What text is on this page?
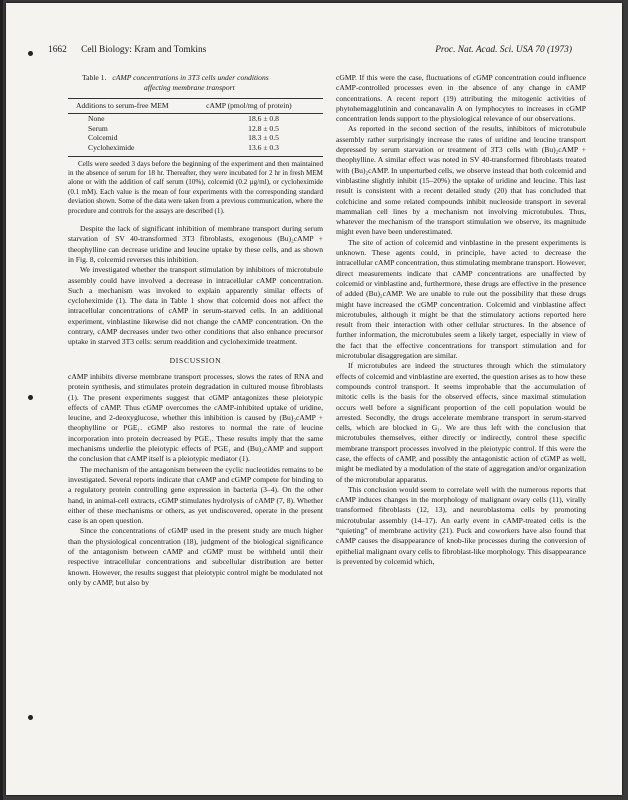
1662 Cell Biology: Kram and Tomkins	Proc. Nat. Acad. Sci. USA 70 (1973)
Table 1. cAMP concentrations in 3T3 cells under conditions
affecting membrane transport
Additions to serum-free MEM	cAMP (pmol/mg of protein)
None	18.6 ± 0.8
Serum	12.8 ± 0.5
Colcemid	18.3 ± 0.5
Cycloheximide	13.6 ± 0.3

Cells were seeded 3 days before the beginning of the experiment and then maintained in the absence of serum for 18 hr. Thereafter, they were incubated for 2 hr in fresh MEM alone or with the addition of calf serum (10%), colcemid (0.2 µg/ml), or cycloheximide (0.1 mM). Each value is the mean of four experiments with the corresponding standard deviation shown. Some of the data were taken from a previous communication, where the procedure and controls for the assays are described (1).

Despite the lack of significant inhibition of membrane transport during serum starvation of SV 40-transformed 3T3 fibroblasts, exogenous (Bu)₂cAMP + theophylline can decrease uridine and leucine uptake by these cells, and as shown in Fig. 8, colcemid reverses this inhibition.

We investigated whether the transport stimulation by inhibitors of microtubule assembly could have involved a decrease in intracellular cAMP concentration. Such a mechanism was invoked to explain apparently similar effects of cycloheximide (1). The data in Table 1 show that colcemid does not affect the intracellular concentrations of cAMP in serum-starved cells. In an additional experiment, vinblastine likewise did not change the cAMP concentration. On the contrary, cAMP decreases under two other conditions that also enhance precursor uptake in starved 3T3 cells: serum readdition and cycloheximide treatment.

DISCUSSION

cAMP inhibits diverse membrane transport processes, slows the rates of RNA and protein synthesis, and stimulates protein degradation in cultured mouse fibroblasts (1). The present experiments suggest that cGMP antagonizes these pleiotypic effects of cAMP. Thus cGMP overcomes the cAMP-inhibited uptake of uridine, leucine, and 2-deoxyglucose, whether this inhibition is caused by (Bu)₂cAMP + theophylline or PGE₁. cGMP also restores to normal the rate of leucine incorporation into protein decreased by PGE₁. These results imply that the same mechanisms underlie the pleiotypic effects of PGE₁ and (Bu)₂cAMP and support the conclusion that cAMP itself is a pleiotypic mediator (1).

The mechanism of the antagonism between the cyclic nucleotides remains to be investigated. Several reports indicate that cAMP and cGMP compete for binding to a regulatory protein controlling gene expression in bacteria (3–4). On the other hand, in animal-cell extracts, cGMP stimulates hydrolysis of cAMP (7, 8). Whether either of these mechanisms or others, as yet undiscovered, operate in the present case is an open question.

Since the concentrations of cGMP used in the present study are much higher than the physiological concentration (18), judgment of the biological significance of the antagonism between cAMP and cGMP must be withheld until their respective intracellular concentrations and subcellular distribution are better known. However, the results suggest that pleiotypic control might be modulated not only by cAMP, but also by

cGMP. If this were the case, fluctuations of cGMP concentration could influence cAMP-controlled processes even in the absence of any change in cAMP concentrations. A recent report (19) attributing the mitogenic activities of phytohemagglutinin and concanavalin A on lymphocytes to increases in cGMP concentration lends support to the physiological relevance of our observations.

As reported in the second section of the results, inhibitors of microtubule assembly rather surprisingly increase the rates of uridine and leucine transport depressed by serum starvation or treatment of 3T3 cells with (Bu)₂cAMP + theophylline. A similar effect was noted in SV 40-transformed fibroblasts treated with (Bu)₂cAMP. In unperturbed cells, we observe instead that both colcemid and vinblastine slightly inhibit (15–20%) the uptake of uridine and leucine. This last result is consistent with a recent detailed study (20) that has concluded that colchicine and some related compounds inhibit nucleoside transport in several mammalian cell lines by a mechanism not involving microtubules. Thus, whatever the mechanism of the transport stimulation we observe, its magnitude might even have been underestimated.

The site of action of colcemid and vinblastine in the present experiments is unknown. These agents could, in principle, have acted to decrease the intracellular cAMP concentration, thus stimulating membrane transport. However, direct measurements indicate that cAMP concentrations are unaffected by colcemid or vinblastine and, furthermore, these drugs are effective in the presence of added (Bu)₂cAMP. We are unable to rule out the possibility that these drugs might have increased the cGMP concentration. Colcemid and vinblastine affect microtubules, although it might be that the stimulatory actions reported here result from their interaction with other cellular structures. In the absence of further information, the microtubules seem a likely target, especially in view of the fact that the effective concentrations for transport stimulation and for microtubular disaggregation are similar.

If microtubules are indeed the structures through which the stimulatory effects of colcemid and vinblastine are exerted, the question arises as to how these compounds control transport. It seems improbable that the accumulation of mitotic cells is the basis for the observed effects, since maximal stimulation occurs well before a significant proportion of the cell population would be arrested. Secondly, the drugs accelerate membrane transport in serum-starved cells, which are blocked in G₁. We are thus left with the conclusion that microtubules themselves, either directly or indirectly, control these specific membrane transport processes involved in the pleiotypic control. If this were the case, the effects of cAMP, and possibly the antagonistic action of cGMP as well, might be mediated by a modulation of the state of aggregation and/or organization of the microtubular apparatus.

This conclusion would seem to correlate well with the numerous reports that cAMP induces changes in the morphology of malignant ovary cells (11), virally transformed fibroblasts (12, 13), and neuroblastoma cells by promoting microtubular assembly (14–17). An early event in cAMP-treated cells is the “quieting” of membrane activity (21). Puck and coworkers have also found that cAMP causes the disappearance of knob-like processes during the conversion of epithelial malignant ovary cells to fibroblast-like morphology. This disappearance is prevented by colcemid which,
